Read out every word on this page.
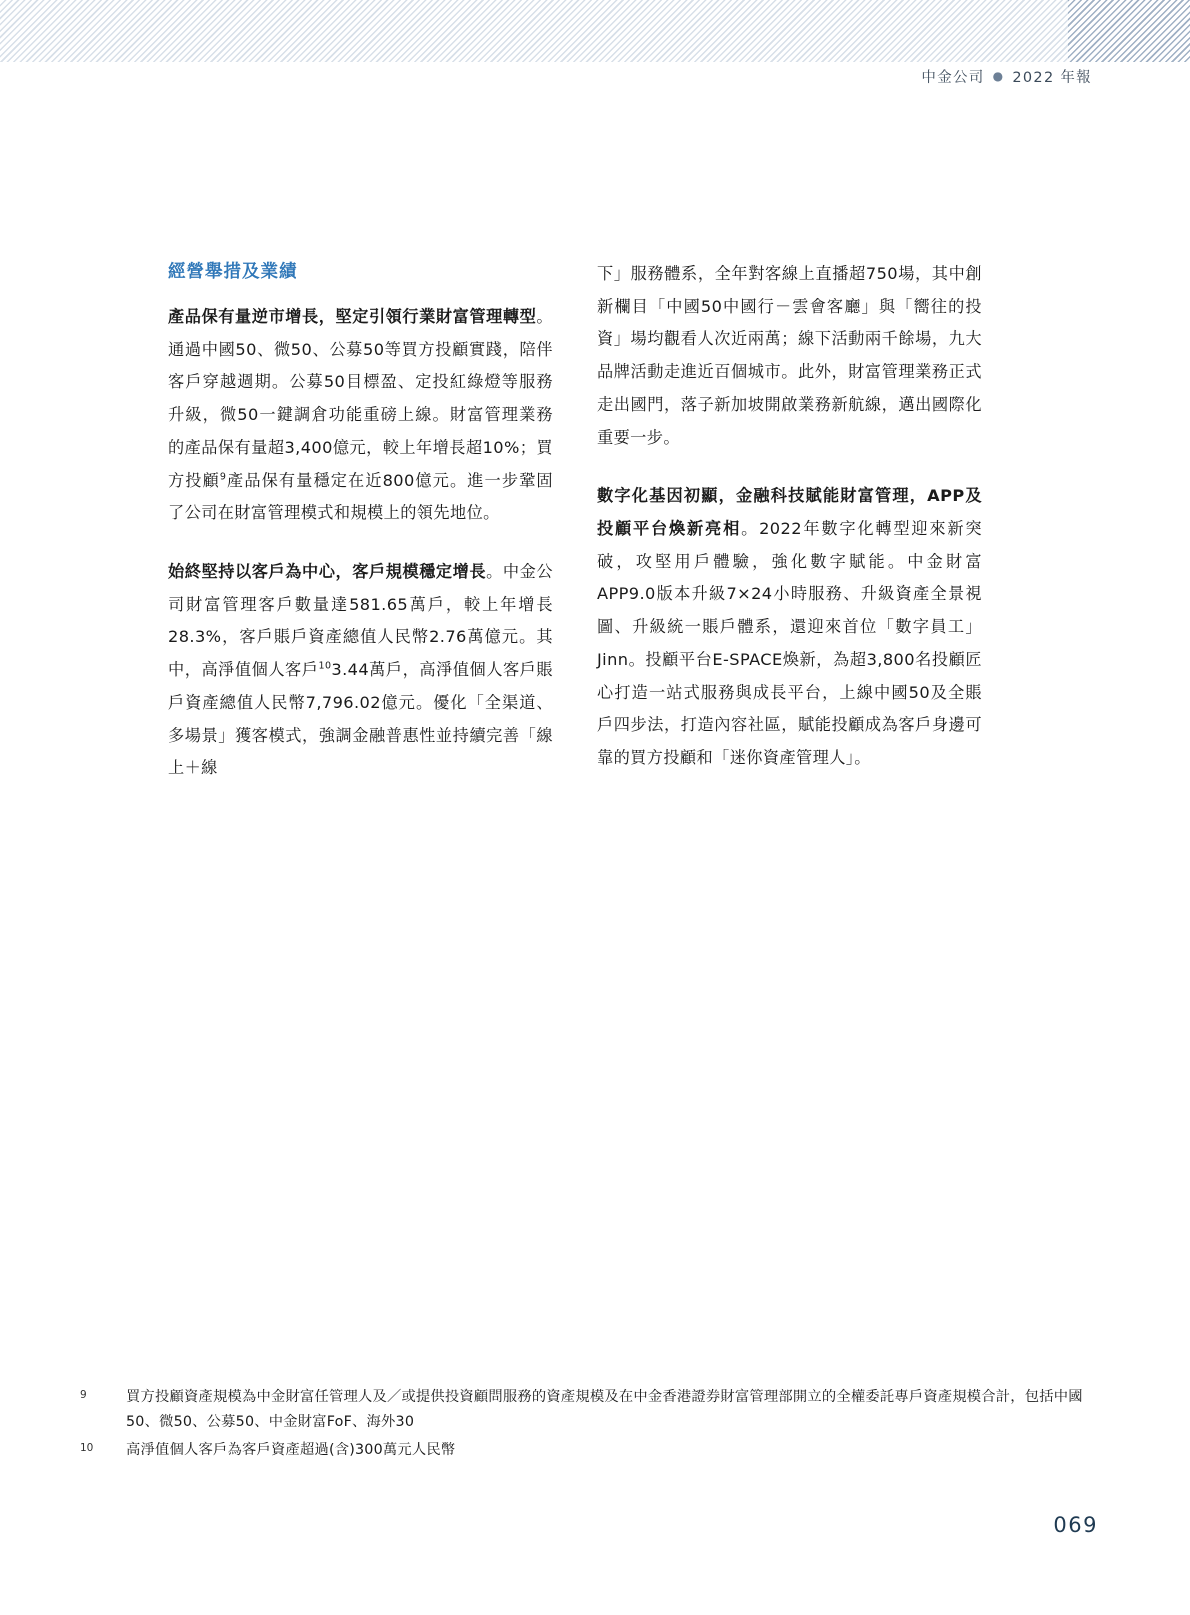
中金公司 ● 2022 年報
經營舉措及業績

產品保有量逆市增長，堅定引領行業財富管理轉型。通過中國50、微50、公募50等買方投顧實踐，陪伴客戶穿越週期。公募50目標盈、定投紅綠燈等服務升級，微50一鍵調倉功能重磅上線。財富管理業務的產品保有量超3,400億元，較上年增長超10%；買方投顧$^9$產品保有量穩定在近800億元。進一步鞏固了公司在財富管理模式和規模上的領先地位。

始終堅持以客戶為中心，客戶規模穩定增長。中金公司財富管理客戶數量達581.65萬戶，較上年增長28.3%，客戶賬戶資產總值人民幣2.76萬億元。其中，高淨值個人客戶$^{10}$3.44萬戶，高淨值個人客戶賬戶資產總值人民幣7,796.02億元。優化「全渠道、多場景」獲客模式，強調金融普惠性並持續完善「線上＋線

下」服務體系，全年對客線上直播超750場，其中創新欄目「中國50中國行－雲會客廳」與「嚮往的投資」場均觀看人次近兩萬；線下活動兩千餘場，九大品牌活動走進近百個城市。此外，財富管理業務正式走出國門，落子新加坡開啟業務新航線，邁出國際化重要一步。

數字化基因初顯，金融科技賦能財富管理，APP及投顧平台煥新亮相。2022年數字化轉型迎來新突破，攻堅用戶體驗，強化數字賦能。中金財富APP9.0版本升級7×24小時服務、升級資產全景視圖、升級統一賬戶體系，還迎來首位「數字員工」Jinn。投顧平台E-SPACE煥新，為超3,800名投顧匠心打造一站式服務與成長平台，上線中國50及全賬戶四步法，打造內容社區，賦能投顧成為客戶身邊可靠的買方投顧和「迷你資產管理人」。

9	買方投顧資產規模為中金財富任管理人及／或提供投資顧問服務的資產規模及在中金香港證券財富管理部開立的全權委託專戶資產規模合計，包括中國50、微50、公募50、中金財富FoF、海外30
10	高淨值個人客戶為客戶資產超過(含)300萬元人民幣
069
